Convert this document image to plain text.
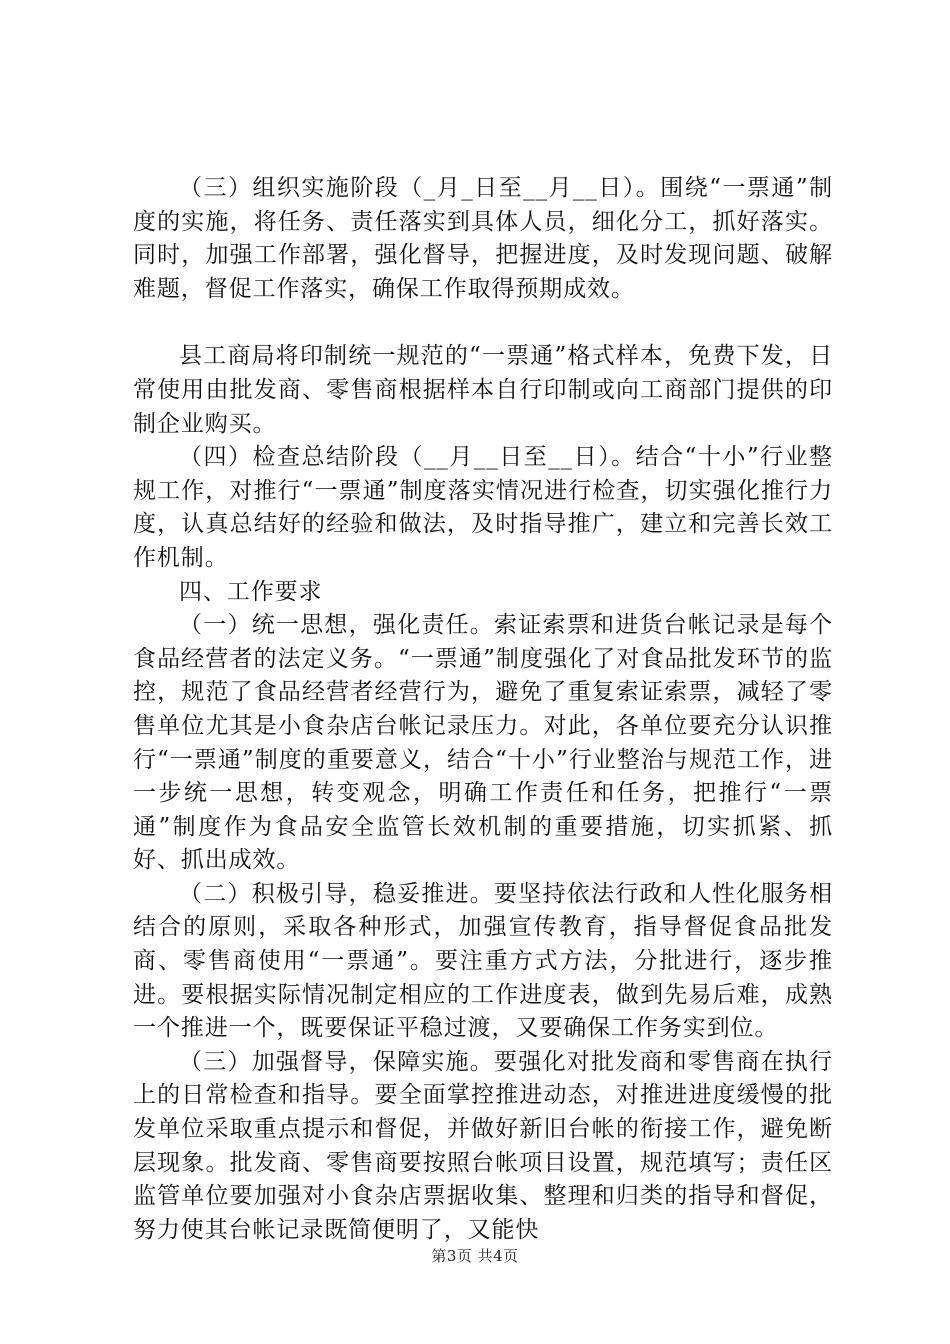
（三）组织实施阶段（_月_日至__月__日）。围绕“一票通”制度的实施，将任务、责任落实到具体人员，细化分工，抓好落实。同时，加强工作部署，强化督导，把握进度，及时发现问题、破解难题，督促工作落实，确保工作取得预期成效。

县工商局将印制统一规范的“一票通”格式样本，免费下发，日常使用由批发商、零售商根据样本自行印制或向工商部门提供的印制企业购买。

（四）检查总结阶段（__月__日至__日）。结合“十小”行业整规工作，对推行“一票通”制度落实情况进行检查，切实强化推行力度，认真总结好的经验和做法，及时指导推广，建立和完善长效工作机制。

四、工作要求

（一）统一思想，强化责任。索证索票和进货台帐记录是每个食品经营者的法定义务。“一票通”制度强化了对食品批发环节的监控，规范了食品经营者经营行为，避免了重复索证索票，减轻了零售单位尤其是小食杂店台帐记录压力。对此，各单位要充分认识推行“一票通”制度的重要意义，结合“十小”行业整治与规范工作，进一步统一思想，转变观念，明确工作责任和任务，把推行“一票通”制度作为食品安全监管长效机制的重要措施，切实抓紧、抓好、抓出成效。

（二）积极引导，稳妥推进。要坚持依法行政和人性化服务相结合的原则，采取各种形式，加强宣传教育，指导督促食品批发商、零售商使用“一票通”。要注重方式方法，分批进行，逐步推进。要根据实际情况制定相应的工作进度表，做到先易后难，成熟一个推进一个，既要保证平稳过渡，又要确保工作务实到位。

（三）加强督导，保障实施。要强化对批发商和零售商在执行上的日常检查和指导。要全面掌控推进动态，对推进进度缓慢的批发单位采取重点提示和督促，并做好新旧台帐的衔接工作，避免断层现象。批发商、零售商要按照台帐项目设置，规范填写；责任区监管单位要加强对小食杂店票据收集、整理和归类的指导和督促，努力使其台帐记录既简便明了，又能快

第3页 共4页
